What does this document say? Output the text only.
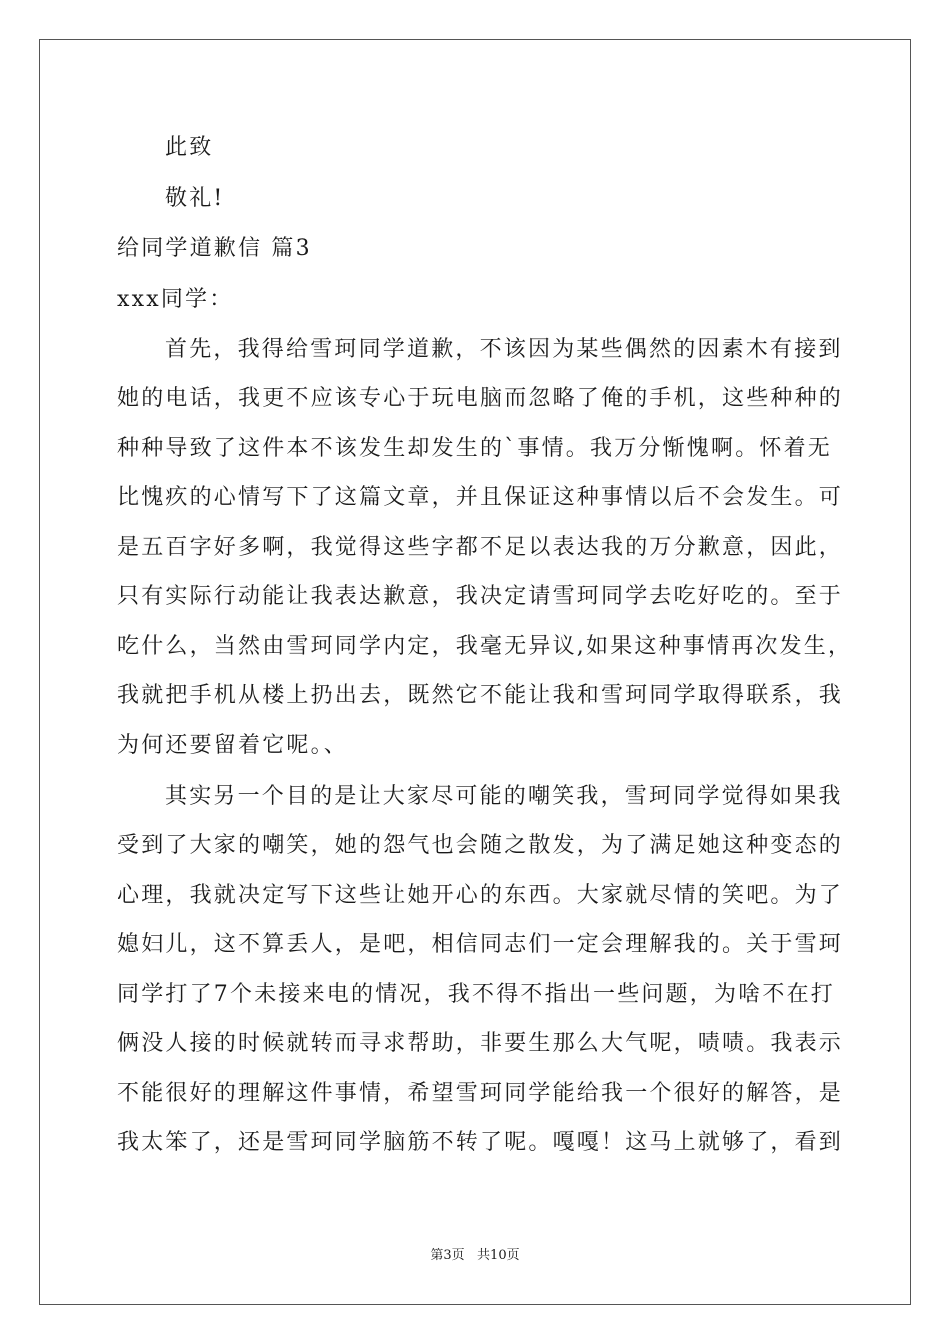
此致
敬礼!
给同学道歉信 篇3
xxx同学：
首先，我得给雪珂同学道歉，不该因为某些偶然的因素木有接到
她的电话，我更不应该专心于玩电脑而忽略了俺的手机，这些种种的
种种导致了这件本不该发生却发生的`事情。我万分惭愧啊。怀着无
比愧疚的心情写下了这篇文章，并且保证这种事情以后不会发生。可
是五百字好多啊，我觉得这些字都不足以表达我的万分歉意，因此，
只有实际行动能让我表达歉意，我决定请雪珂同学去吃好吃的。至于
吃什么，当然由雪珂同学内定，我毫无异议,如果这种事情再次发生，
我就把手机从楼上扔出去，既然它不能让我和雪珂同学取得联系，我
为何还要留着它呢。、
其实另一个目的是让大家尽可能的嘲笑我，雪珂同学觉得如果我
受到了大家的嘲笑，她的怨气也会随之散发，为了满足她这种变态的
心理，我就决定写下这些让她开心的东西。大家就尽情的笑吧。为了
媳妇儿，这不算丢人，是吧，相信同志们一定会理解我的。关于雪珂
同学打了7个未接来电的情况，我不得不指出一些问题，为啥不在打
俩没人接的时候就转而寻求帮助，非要生那么大气呢，啧啧。我表示
不能很好的理解这件事情，希望雪珂同学能给我一个很好的解答，是
我太笨了，还是雪珂同学脑筋不转了呢。嘎嘎！这马上就够了，看到
第3页   共10页
